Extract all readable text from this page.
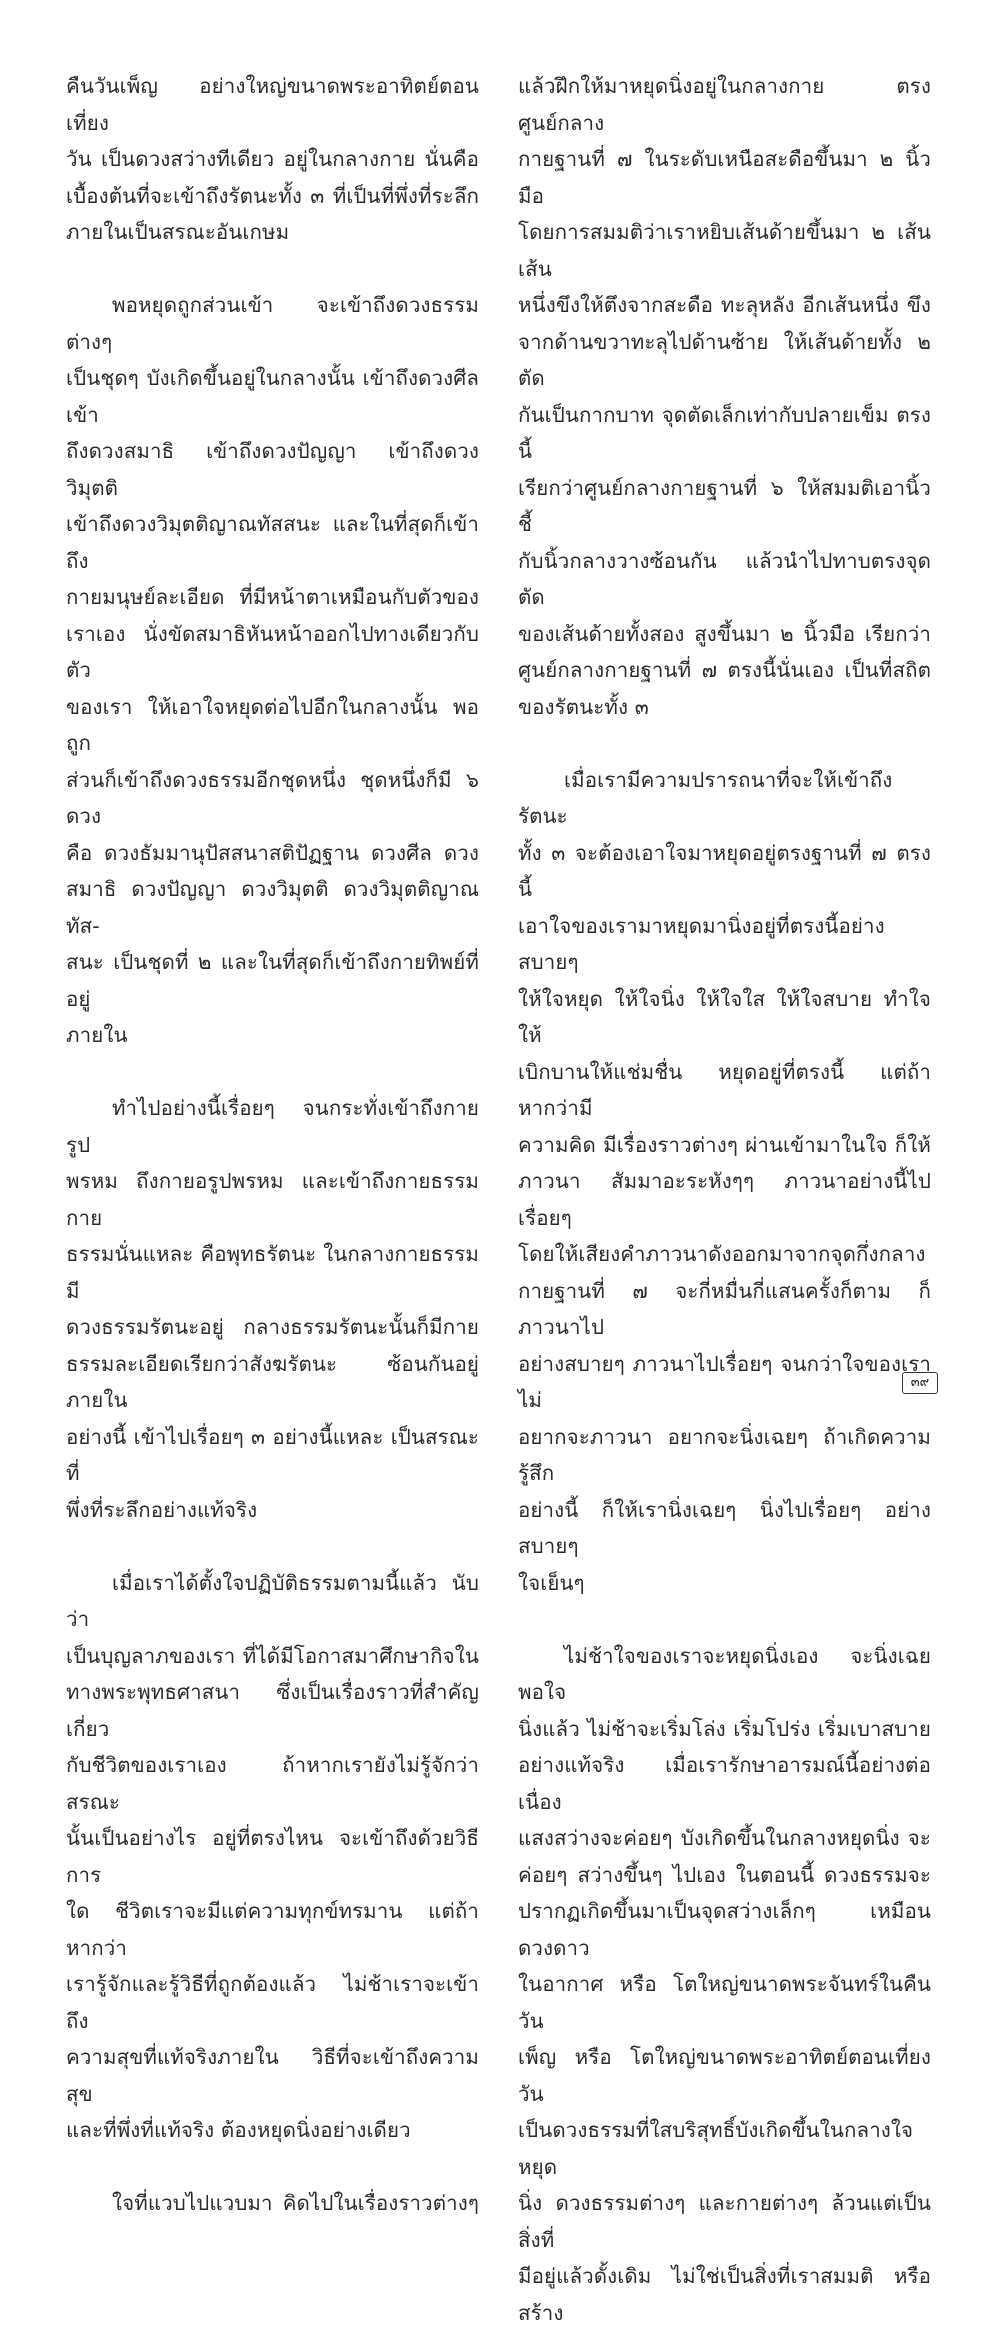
คืนวันเพ็ญ อย่างใหญ่ขนาดพระอาทิตย์ตอนเที่ยง

วัน เป็นดวงสว่างทีเดียว อยู่ในกลางกาย นั่นคือ

เบื้องต้นที่จะเข้าถึงรัตนะทั้ง ๓ ที่เป็นที่พึ่งที่ระลึก

ภายในเป็นสรณะอันเกษม

พอหยุดถูกส่วนเข้า จะเข้าถึงดวงธรรมต่างๆ

เป็นชุดๆ บังเกิดขึ้นอยู่ในกลางนั้น เข้าถึงดวงศีลเข้า

ถึงดวงสมาธิ เข้าถึงดวงปัญญา เข้าถึงดวงวิมุตติ

เข้าถึงดวงวิมุตติญาณทัสสนะ และในที่สุดก็เข้าถึง

กายมนุษย์ละเอียด ที่มีหน้าตาเหมือนกับตัวของ

เราเอง นั่งขัดสมาธิหันหน้าออกไปทางเดียวกับตัว

ของเรา ให้เอาใจหยุดต่อไปอีกในกลางนั้น พอถูก

ส่วนก็เข้าถึงดวงธรรมอีกชุดหนึ่ง ชุดหนึ่งก็มี ๖ ดวง

คือ ดวงธัมมานุปัสสนาสติปัฏฐาน ดวงศีล ดวง

สมาธิ ดวงปัญญา ดวงวิมุตติ ดวงวิมุตติญาณทัส-

สนะ เป็นชุดที่ ๒ และในที่สุดก็เข้าถึงกายทิพย์ที่อยู่

ภายใน

ทำไปอย่างนี้เรื่อยๆ จนกระทั่งเข้าถึงกายรูป

พรหม ถึงกายอรูปพรหม และเข้าถึงกายธรรม กาย

ธรรมนั่นแหละ คือพุทธรัตนะ ในกลางกายธรรมมี

ดวงธรรมรัตนะอยู่ กลางธรรมรัตนะนั้นก็มีกาย

ธรรมละเอียดเรียกว่าสังฆรัตนะ ซ้อนกันอยู่ภายใน

อย่างนี้ เข้าไปเรื่อยๆ ๓ อย่างนี้แหละ เป็นสรณะที่

พึ่งที่ระลึกอย่างแท้จริง

เมื่อเราได้ตั้งใจปฏิบัติธรรมตามนี้แล้ว นับว่า

เป็นบุญลาภของเรา ที่ได้มีโอกาสมาศึกษากิจใน

ทางพระพุทธศาสนา ซึ่งเป็นเรื่องราวที่สำคัญเกี่ยว

กับชีวิตของเราเอง ถ้าหากเรายังไม่รู้จักว่า สรณะ

นั้นเป็นอย่างไร อยู่ที่ตรงไหน จะเข้าถึงด้วยวิธีการ

ใด ชีวิตเราจะมีแต่ความทุกข์ทรมาน แต่ถ้าหากว่า

เรารู้จักและรู้วิธีที่ถูกต้องแล้ว ไม่ช้าเราจะเข้าถึง

ความสุขที่แท้จริงภายใน วิธีที่จะเข้าถึงความสุข

และที่พึ่งที่แท้จริง ต้องหยุดนิ่งอย่างเดียว

ใจที่แวบไปแวบมา คิดไปในเรื่องราวต่างๆ

แล้วฝึกให้มาหยุดนิ่งอยู่ในกลางกาย ตรงศูนย์กลาง

กายฐานที่ ๗ ในระดับเหนือสะดือขึ้นมา ๒ นิ้วมือ

โดยการสมมติว่าเราหยิบเส้นด้ายขึ้นมา ๒ เส้น เส้น

หนึ่งขึงให้ตึงจากสะดือ ทะลุหลัง อีกเส้นหนึ่ง ขึง

จากด้านขวาทะลุไปด้านซ้าย ให้เส้นด้ายทั้ง ๒ ตัด

กันเป็นกากบาท จุดตัดเล็กเท่ากับปลายเข็ม ตรงนี้

เรียกว่าศูนย์กลางกายฐานที่ ๖ ให้สมมติเอานิ้วชี้

กับนิ้วกลางวางซ้อนกัน แล้วนำไปทาบตรงจุดตัด

ของเส้นด้ายทั้งสอง สูงขึ้นมา ๒ นิ้วมือ เรียกว่า

ศูนย์กลางกายฐานที่ ๗ ตรงนี้นั่นเอง เป็นที่สถิต

ของรัตนะทั้ง ๓

เมื่อเรามีความปรารถนาที่จะให้เข้าถึงรัตนะ

ทั้ง ๓ จะต้องเอาใจมาหยุดอยู่ตรงฐานที่ ๗ ตรงนี้

เอาใจของเรามาหยุดมานิ่งอยู่ที่ตรงนี้อย่างสบายๆ

ให้ใจหยุด ให้ใจนิ่ง ให้ใจใส ให้ใจสบาย ทำใจให้

เบิกบานให้แช่มชื่น หยุดอยู่ที่ตรงนี้ แต่ถ้าหากว่ามี

ความคิด มีเรื่องราวต่างๆ ผ่านเข้ามาในใจ ก็ให้

ภาวนา สัมมาอะระหังๆๆ ภาวนาอย่างนี้ไปเรื่อยๆ

โดยให้เสียงคำภาวนาดังออกมาจากจุดกึ่งกลาง

กายฐานที่ ๗ จะกี่หมื่นกี่แสนครั้งก็ตาม ก็ภาวนาไป

อย่างสบายๆ ภาวนาไปเรื่อยๆ จนกว่าใจของเรา ไม่

อยากจะภาวนา อยากจะนิ่งเฉยๆ ถ้าเกิดความรู้สึก

อย่างนี้ ก็ให้เรานิ่งเฉยๆ นิ่งไปเรื่อยๆ อย่างสบายๆ

ใจเย็นๆ

ไม่ช้าใจของเราจะหยุดนิ่งเอง จะนิ่งเฉย พอใจ

นิ่งแล้ว ไม่ช้าจะเริ่มโล่ง เริ่มโปร่ง เริ่มเบาสบาย

อย่างแท้จริง เมื่อเรารักษาอารมณ์นี้อย่างต่อเนื่อง

แสงสว่างจะค่อยๆ บังเกิดขึ้นในกลางหยุดนิ่ง จะ

ค่อยๆ สว่างขึ้นๆ ไปเอง ในตอนนี้ ดวงธรรมจะ

ปรากฏเกิดขึ้นมาเป็นจุดสว่างเล็กๆ เหมือนดวงดาว

ในอากาศ หรือ โตใหญ่ขนาดพระจันทร์ในคืนวัน

เพ็ญ หรือ โตใหญ่ขนาดพระอาทิตย์ตอนเที่ยงวัน

เป็นดวงธรรมที่ใสบริสุทธิ์บังเกิดขึ้นในกลางใจหยุด

นิ่ง ดวงธรรมต่างๆ และกายต่างๆ ล้วนแต่เป็นสิ่งที่

มีอยู่แล้วดั้งเดิม ไม่ใช่เป็นสิ่งที่เราสมมติ หรือสร้าง

๓๙
